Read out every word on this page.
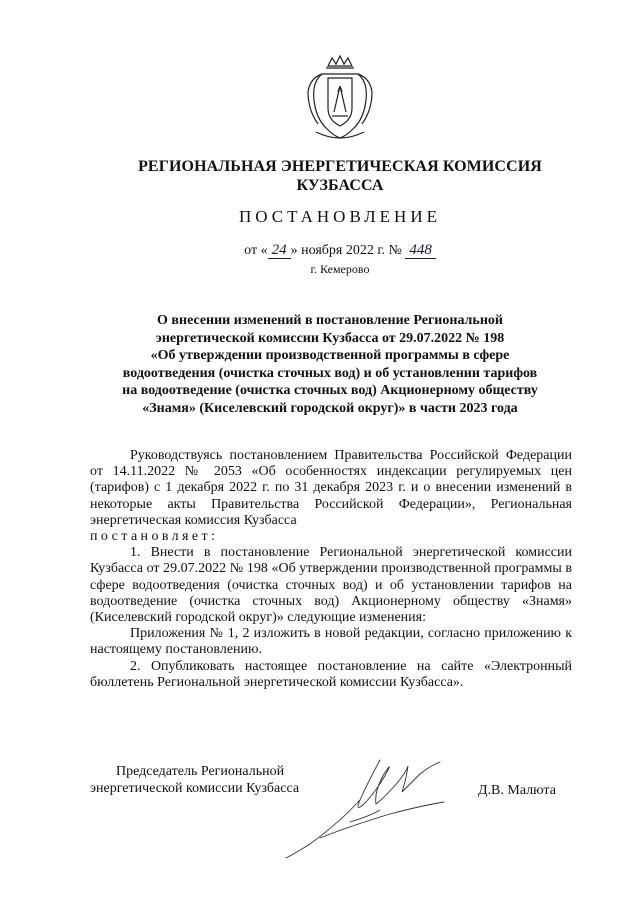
РЕГИОНАЛЬНАЯ ЭНЕРГЕТИЧЕСКАЯ КОМИССИЯ
КУЗБАССА
ПОСТАНОВЛЕНИЕ
от « 24 » ноября 2022 г. № 448
г. Кемерово
О внесении изменений в постановление Региональной
энергетической комиссии Кузбасса от 29.07.2022 № 198
«Об утверждении производственной программы в сфере
водоотведения (очистка сточных вод) и об установлении тарифов
на водоотведение (очистка сточных вод) Акционерному обществу
«Знамя» (Киселевский городской округ)» в части 2023 года

Руководствуясь постановлением Правительства Российской Федерации от 14.11.2022 № 2053 «Об особенностях индексации регулируемых цен (тарифов) с 1 декабря 2022 г. по 31 декабря 2023 г. и о внесении изменений в некоторые акты Правительства Российской Федерации», Региональная энергетическая комиссия Кузбасса

постановляет:

1. Внести в постановление Региональной энергетической комиссии Кузбасса от 29.07.2022 № 198 «Об утверждении производственной программы в сфере водоотведения (очистка сточных вод) и об установлении тарифов на водоотведение (очистка сточных вод) Акционерному обществу «Знамя» (Киселевский городской округ)» следующие изменения:

Приложения № 1, 2 изложить в новой редакции, согласно приложению к настоящему постановлению.

2. Опубликовать настоящее постановление на сайте «Электронный бюллетень Региональной энергетической комиссии Кузбасса».

Председатель Региональной
энергетической комиссии Кузбасса	Д.В. Малюта
